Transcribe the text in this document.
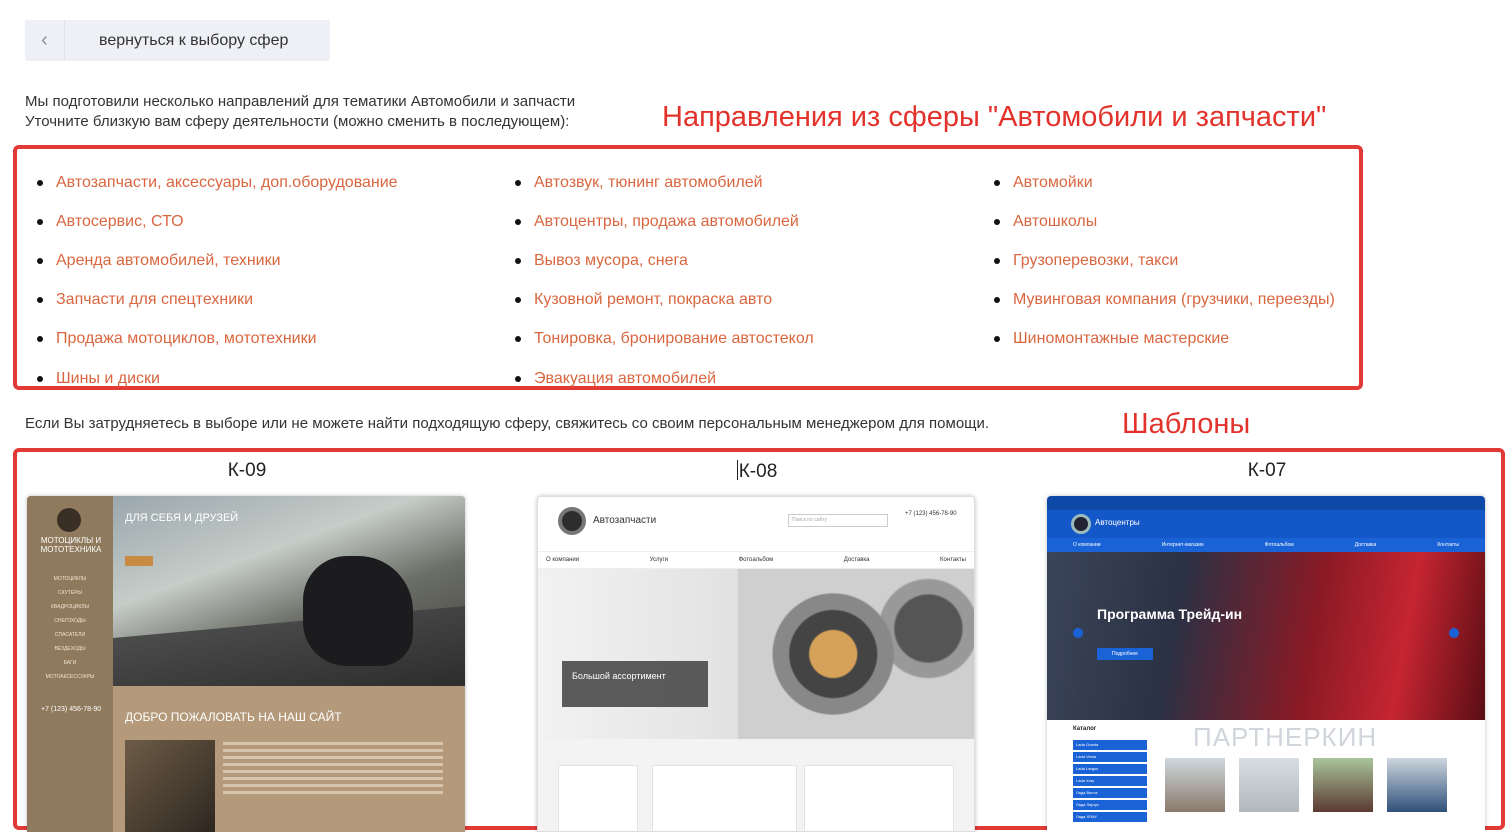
‹	вернуться к выбору сфер
Мы подготовили несколько направлений для тематики Автомобили и запчасти
Уточните близкую вам сферу деятельности (можно сменить в последующем):	Направления из сферы "Автомобили и запчасти"
Автозапчасти, аксессуары, доп.оборудование
Автосервис, СТО
Аренда автомобилей, техники
Запчасти для спецтехники
Продажа мотоциклов, мототехники
Шины и диски
Автозвук, тюнинг автомобилей
Автоцентры, продажа автомобилей
Вывоз мусора, снега
Кузовной ремонт, покраска авто
Тонировка, бронирование автостекол
Эвакуация автомобилей
Автомойки
Автошколы
Грузоперевозки, такси
Мувинговая компания (грузчики, переезды)
Шиномонтажные мастерские
Если Вы затрудняетесь в выборе или не можете найти подходящую сферу, свяжитесь со своим персональным менеджером для помощи.	Шаблоны
К-09	К-08	К-07
МОТОЦИКЛЫ И МОТОТЕХНИКА
МОТОЦИКЛЫ
СКУТЕРЫ
КВАДРОЦИКЛЫ
СНЕГОХОДЫ
СПАСАТЕЛИ
ВЕЗДЕХОДЫ
БАГИ
МОТОАКСЕССУАРЫ
+7 (123) 456-78-90
ДЛЯ СЕБЯ И ДРУЗЕЙ
ДОБРО ПОЖАЛОВАТЬ НА НАШ САЙТ
Автозапчасти	Поиск по сайту
+7 (123) 456-78-90
О компании	Услуги	Фотоальбом	Доставка	Контакты
Большой ассортимент
Автоцентры
О компании	Интернет-магазин	Фотоальбом	Доставка	Контакты
Программа Трейд-ин
Подробнее
Каталог
Lada Granta
Lada Vesta
Lada Largus
Lada Xray
Лада Веста
Лада Ларгус
Лада XRAY
ПАРТНЕРКИН
